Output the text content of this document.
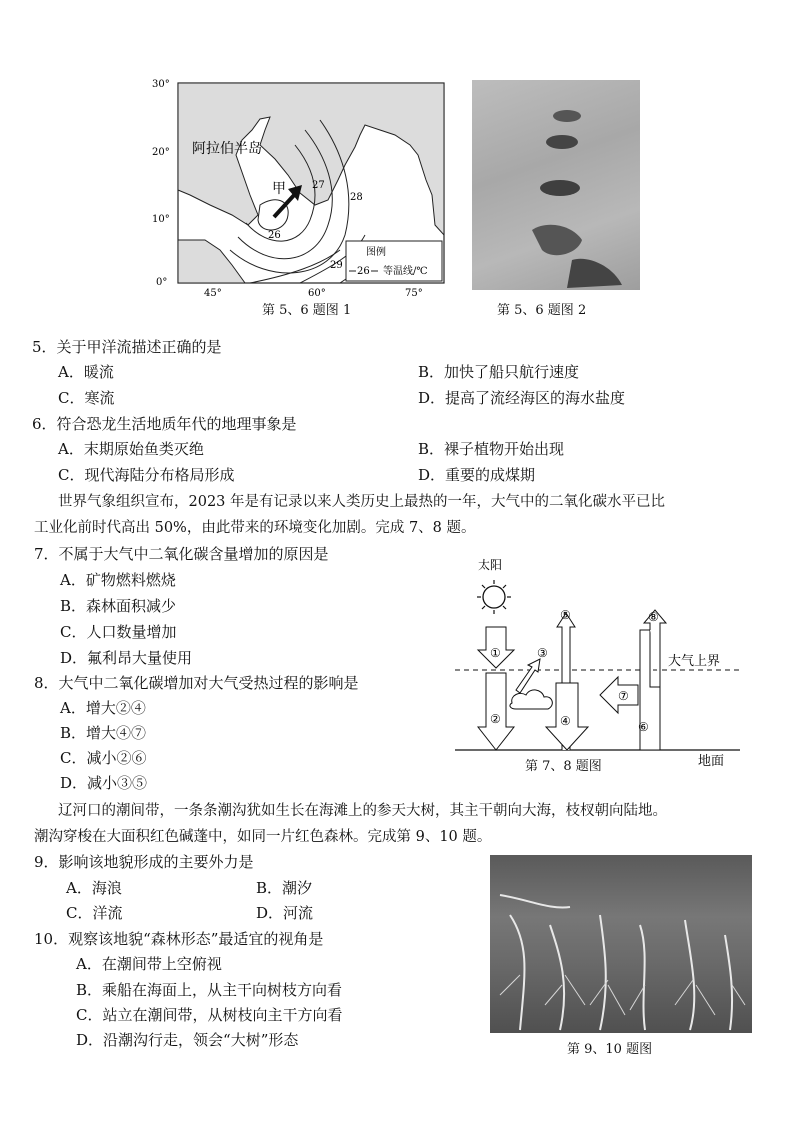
30°
20°
10°
0°
45°	60°	75°
阿拉伯半岛
甲
26
27
28
29
图例
26 等温线/℃
第 5、6 题图 1	第 5、6 题图 2
5．关于甲洋流描述正确的是
A．暖流	B．加快了船只航行速度
C．寒流	D．提高了流经海区的海水盐度
6．符合恐龙生活地质年代的地理事象是
A．末期原始鱼类灭绝	B．裸子植物开始出现
C．现代海陆分布格局形成	D．重要的成煤期
世界气象组织宣布，2023 年是有记录以来人类历史上最热的一年，大气中的二氧化碳水平已比
工业化前时代高出 50%，由此带来的环境变化加剧。完成 7、8 题。
7．不属于大气中二氧化碳含量增加的原因是
A．矿物燃料燃烧
B．森林面积减少
C．人口数量增加
D．氟利昂大量使用
8．大气中二氧化碳增加对大气受热过程的影响是
A．增大②④
B．增大④⑦
C．减小②⑥
D．减小③⑤
太阳
大气上界
地面
①
②
③
⑤
④
⑧
⑥
⑦
第 7、8 题图
辽河口的潮间带，一条条潮沟犹如生长在海滩上的参天大树，其主干朝向大海，枝杈朝向陆地。
潮沟穿梭在大面积红色碱蓬中，如同一片红色森林。完成第 9、10 题。
9．影响该地貌形成的主要外力是
A．海浪	B．潮汐
C．洋流	D．河流
10．观察该地貌“森林形态”最适宜的视角是
A．在潮间带上空俯视
B．乘船在海面上，从主干向树枝方向看
C．站立在潮间带，从树枝向主干方向看
D．沿潮沟行走，领会“大树”形态
第 9、10 题图
